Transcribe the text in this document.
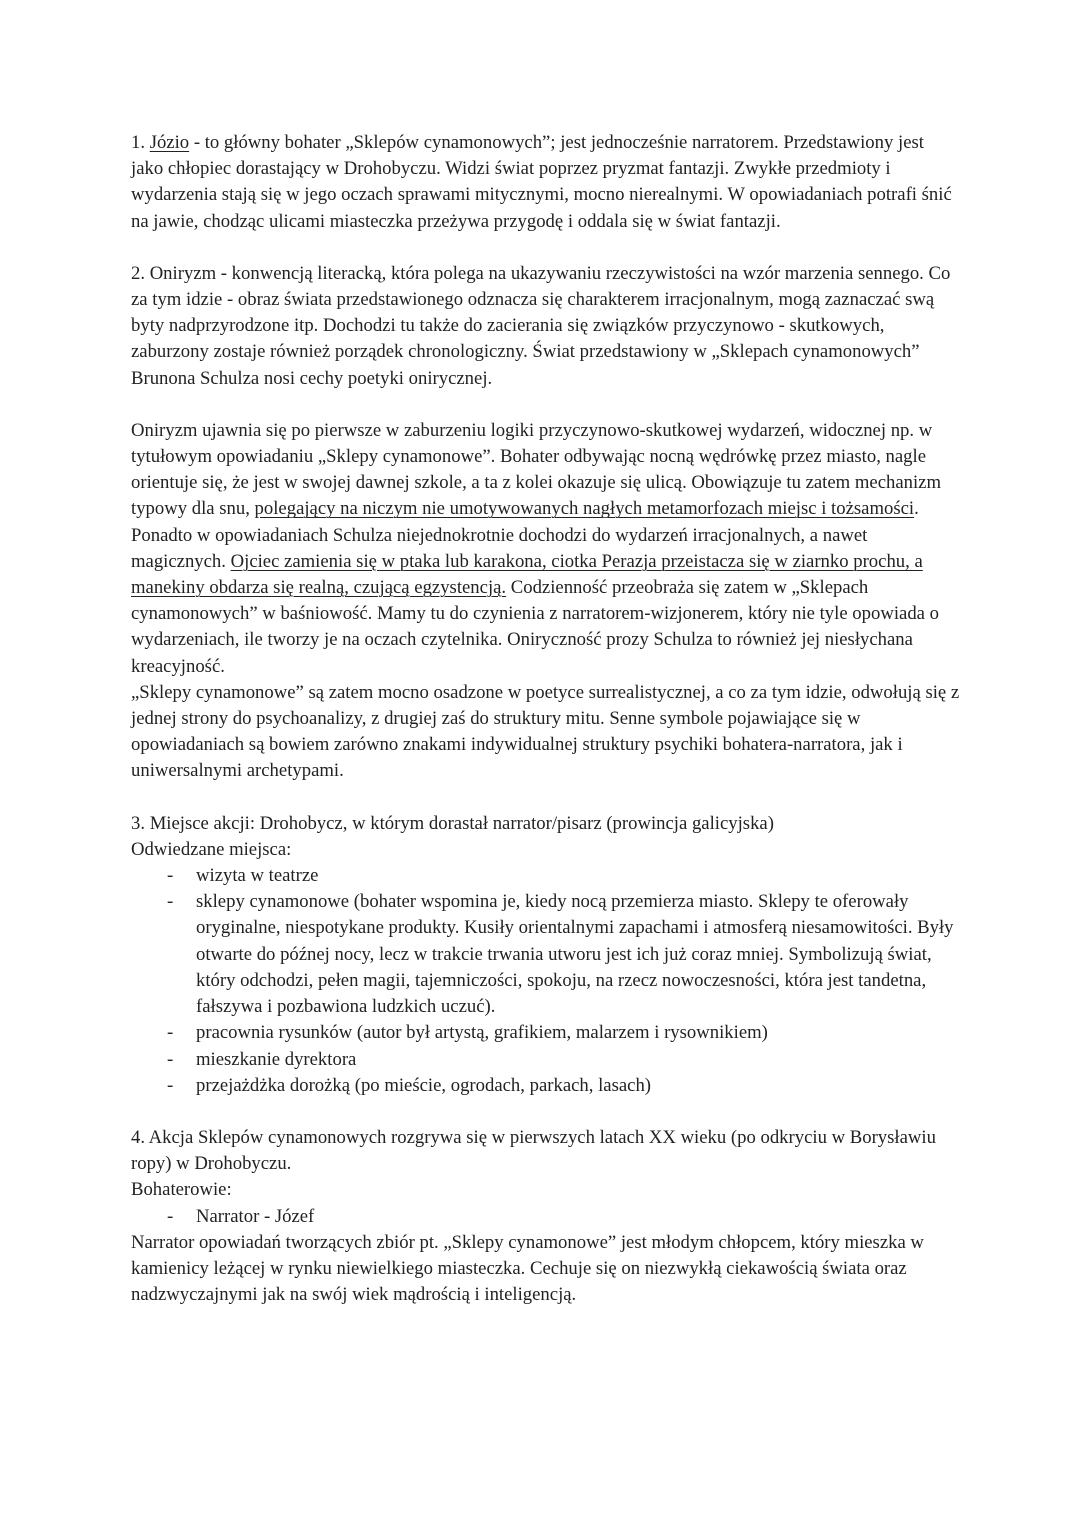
1. Józio - to główny bohater „Sklepów cynamonowych”; jest jednocześnie narratorem. Przedstawiony jest jako chłopiec dorastający w Drohobyczu. Widzi świat poprzez pryzmat fantazji. Zwykłe przedmioty i wydarzenia stają się w jego oczach sprawami mitycznymi, mocno nierealnymi. W opowiadaniach potrafi śnić na jawie, chodząc ulicami miasteczka przeżywa przygodę i oddala się w świat fantazji.

2. Oniryzm - konwencją literacką, która polega na ukazywaniu rzeczywistości na wzór marzenia sennego. Co za tym idzie - obraz świata przedstawionego odznacza się charakterem irracjonalnym, mogą zaznaczać swą byty nadprzyrodzone itp. Dochodzi tu także do zacierania się związków przyczynowo - skutkowych, zaburzony zostaje również porządek chronologiczny. Świat przedstawiony w „Sklepach cynamonowych” Brunona Schulza nosi cechy poetyki onirycznej.

Oniryzm ujawnia się po pierwsze w zaburzeniu logiki przyczynowo-skutkowej wydarzeń, widocznej np. w tytułowym opowiadaniu „Sklepy cynamonowe”. Bohater odbywając nocną wędrówkę przez miasto, nagle orientuje się, że jest w swojej dawnej szkole, a ta z kolei okazuje się ulicą. Obowiązuje tu zatem mechanizm typowy dla snu, polegający na niczym nie umotywowanych nagłych metamorfozach miejsc i tożsamości. Ponadto w opowiadaniach Schulza niejednokrotnie dochodzi do wydarzeń irracjonalnych, a nawet magicznych. Ojciec zamienia się w ptaka lub karakona, ciotka Perazja przeistacza się w ziarnko prochu, a manekiny obdarza się realną, czującą egzystencją. Codzienność przeobraża się zatem w „Sklepach cynamonowych” w baśniowość. Mamy tu do czynienia z narratorem-wizjonerem, który nie tyle opowiada o wydarzeniach, ile tworzy je na oczach czytelnika. Oniryczność prozy Schulza to również jej niesłychana kreacyjność.

„Sklepy cynamonowe” są zatem mocno osadzone w poetyce surrealistycznej, a co za tym idzie, odwołują się z jednej strony do psychoanalizy, z drugiej zaś do struktury mitu. Senne symbole pojawiające się w opowiadaniach są bowiem zarówno znakami indywidualnej struktury psychiki bohatera-narratora, jak i uniwersalnymi archetypami.

3. Miejsce akcji: Drohobycz, w którym dorastał narrator/pisarz (prowincja galicyjska)

Odwiedzane miejsca:

- wizyta w teatrze
- sklepy cynamonowe (bohater wspomina je, kiedy nocą przemierza miasto. Sklepy te oferowały oryginalne, niespotykane produkty. Kusiły orientalnymi zapachami i atmosferą niesamowitości. Były otwarte do późnej nocy, lecz w trakcie trwania utworu jest ich już coraz mniej. Symbolizują świat, który odchodzi, pełen magii, tajemniczości, spokoju, na rzecz nowoczesności, która jest tandetna, fałszywa i pozbawiona ludzkich uczuć).
- pracownia rysunków (autor był artystą, grafikiem, malarzem i rysownikiem)
- mieszkanie dyrektora
- przejażdżka dorożką (po mieście, ogrodach, parkach, lasach)

4. Akcja Sklepów cynamonowych rozgrywa się w pierwszych latach XX wieku (po odkryciu w Borysławiu ropy) w Drohobyczu.

Bohaterowie:

- Narrator - Józef

Narrator opowiadań tworzących zbiór pt. „Sklepy cynamonowe” jest młodym chłopcem, który mieszka w kamienicy leżącej w rynku niewielkiego miasteczka. Cechuje się on niezwykłą ciekawością świata oraz nadzwyczajnymi jak na swój wiek mądrością i inteligencją.
